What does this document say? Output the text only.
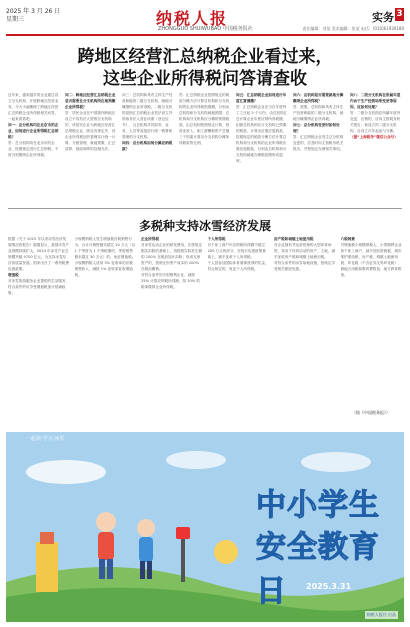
2025 年 3 月 26 日
星期三	纳税人报
ZHONGGUO SHUIWUBAO 中国税务报社
实务 3
责任编辑：刘某 美术编辑：张某 电话：(010)61930180
跨地区经营汇总纳税企业看过来，
这些企业所得税问答请查收

近年来，越来越多的企业通过设立分支机构，开展跨地区经营业务。今天小编梳理了跨地区经营汇总纳税企业所得税相关问答，一起来看看吧。

问一：总分机构均在北京市的企业，如何进行企业所得税汇总纳税？

答：总分机构均在北京市的企业，按照规定进行汇总纳税，不再分别缴纳企业所得税。

问二：跨地区经营汇总纳税企业是否需要在分支机构所在地预缴企业所得税？

答：居民企业在中国境内跨地区设立不具有法人资格分支机构的，该居民企业为跨地区经营汇总纳税企业，除另有规定外，其企业所得税征收管理实行统一计算、分级管理、就地预缴、汇总清算、财政调库的处理办法。

问三：总机构和具有主体生产经营职能的二级分支机构，就地分摊缴纳企业所得税。二级分支机构是指汇总纳税企业依法设立并领取非法人营业执照（登记证书），且总机构对其财务、业务、人员等直接进行统一核算和管理的分支机构。

问四：总分机构如何分摊应纳税款？

答：汇总纳税企业按照规定的税款分摊方法计算总机构和分支机构的企业所得税预缴额，分别由总机构和分支机构就地预缴；总机构和分支机构应分摊的预缴税款，由总机构按照规定计算，按营业收入、职工薪酬和资产总额三个因素计算各分支机构分摊所得税款的比例。

问五：汇总纳税企业如何进行年度汇算清缴？

答：汇总纳税企业应当自年度终了之日起 5 个月内，由总机构汇总计算企业年度应纳所得税额，扣除总机构和各分支机构已预缴的税款，计算出应缴应退税款，按照规定的税款分摊方法计算总机构和分支机构的企业所得税应缴应退税款，分别由总机构和分支机构就地办理税款缴库或退库。

问六：总机构是否需要就地分摊缴纳企业所得税？

答：需要。总机构和具有主体生产经营职能的二级分支机构，就地分摊缴纳企业所得税。

问七：总分机构变更时如何处理？

答：汇总纳税企业发生总分机构变更的，应及时向主管税务机关报告，并按规定办理相关事项。

问八：二级分支机构在所属年度内由于生产经营场所变更等原因，应如何处理？

答：二级分支机构在所属年度内变更、注销的，应向主管税务机关报告；新设立的二级分支机构，自设立次年起参与分摊。

（据“上海税务”微信公众号）

多税种支持冰雪经济发展

根据《关于 2025 年以来冰雪经济发展情况的报告》数据显示，我国冰雪产业规模持续扩大，2024 年冰雪产业总规模突破 9700 亿元。为支持冰雪经济高质量发展，国家出台了一系列税费优惠政策。

增值税

对冰雪旅游服务企业提供的生活服务，符合条件的可享受增值税加计抵减政策。

小规模纳税人发生增值税应税销售行为，合计月销售额未超过 10 万元（以 1 个季度为 1 个纳税期的，季度销售额未超过 30 万元）的，免征增值税。

小规模纳税人适用 3% 征收率的应税销售收入，减按 1% 征收率征收增值税。

企业所得税

对冰雪运动企业的研发费用，在按规定据实扣除的基础上，再按照实际发生额的 100% 在税前加计扣除；形成无形资产的，按照无形资产成本的 200% 在税前摊销。

对符合条件的小型微利企业，减按 25% 计算应纳税所得额，按 20% 的税率缴纳企业所得税。

个人所得税

对个体工商户年应纳税所得额不超过 200 万元的部分，在现行优惠政策基础上，减半征收个人所得税。

个人因参加国际体育赛事获得的奖金，符合规定的，免征个人所得税。

房产税和城镇土地使用税

对企业拥有并运营管理的大型体育场馆，其用于体育活动的房产、土地，减半征收房产税和城镇土地使用税。

对符合条件的冰雪场地设施，按规定享受相关税收优惠。

六税两费

对增值税小规模纳税人、小型微利企业和个体工商户，减半征收资源税、城市维护建设税、房产税、城镇土地使用税、印花税（不含证券交易印花税）、耕地占用税和教育费附加、地方教育附加。

（据《中国税务报》）
一起读·学习·冰雪
中小学生
安全教育日	2025.3.31
纳税人报社 出品
